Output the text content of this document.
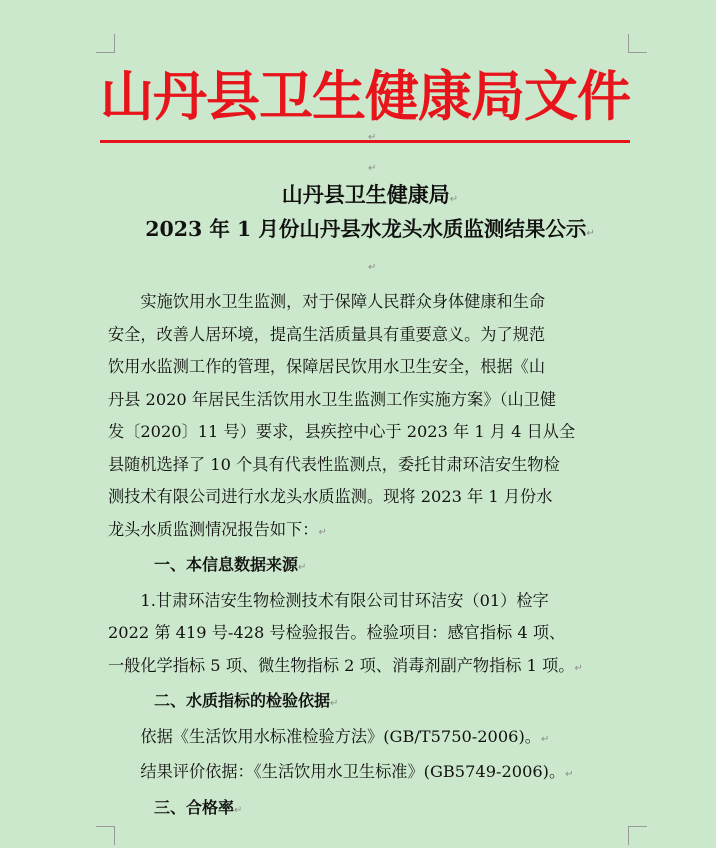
山丹县卫生健康局文件
↵
↵
山丹县卫生健康局↵
2023 年 1 月份山丹县水龙头水质监测结果公示↵
↵
实施饮用水卫生监测，对于保障人民群众身体健康和生命
安全，改善人居环境，提高生活质量具有重要意义。为了规范
饮用水监测工作的管理，保障居民饮用水卫生安全，根据《山
丹县 2020 年居民生活饮用水卫生监测工作实施方案》（山卫健
发〔2020〕11 号）要求，县疾控中心于 2023 年 1 月 4 日从全
县随机选择了 10 个具有代表性监测点，委托甘肃环洁安生物检
测技术有限公司进行水龙头水质监测。现将 2023 年 1 月份水
龙头水质监测情况报告如下：↵
一、本信息数据来源↵
1.甘肃环洁安生物检测技术有限公司甘环洁安（01）检字
2022 第 419 号-428 号检验报告。检验项目：感官指标 4 项、
一般化学指标 5 项、微生物指标 2 项、消毒剂副产物指标 1 项。↵
二、水质指标的检验依据↵
依据《生活饮用水标准检验方法》(GB/T5750-2006)。↵
结果评价依据：《生活饮用水卫生标准》(GB5749-2006)。↵
三、合格率↵
